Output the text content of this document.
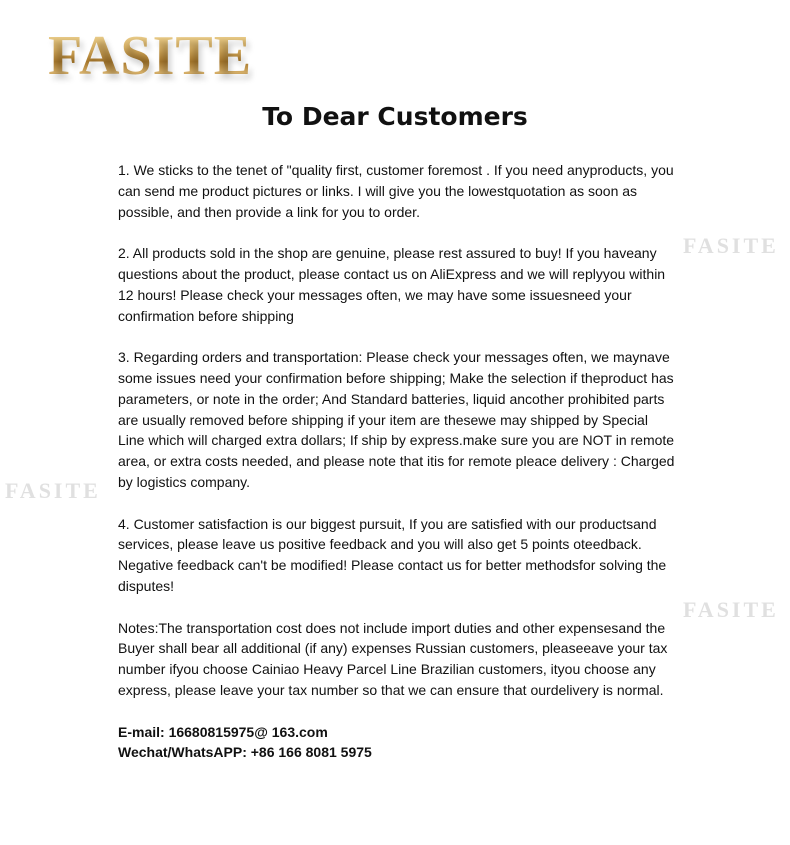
FASITE
FASITE
FASITE
FASITE
To Dear Customers

1. We sticks to the tenet of "quality first, customer foremost . If you need anyproducts, you
can send me product pictures or links. I will give you the lowestquotation as soon as
possible, and then provide a link for you to order.

2. All products sold in the shop are genuine, please rest assured to buy! If you haveany
questions about the product, please contact us on AliExpress and we will replyyou within
12 hours! Please check your messages often, we may have some issuesneed your
confirmation before shipping

3. Regarding orders and transportation: Please check your messages often, we maynave
some issues need your confirmation before shipping; Make the selection if theproduct has
parameters, or note in the order; And Standard batteries, liquid ancother prohibited parts
are usually removed before shipping if your item are thesewe may shipped by Special
Line which will charged extra dollars; If ship by express.make sure you are NOT in remote
area, or extra costs needed, and please note that itis for remote pleace delivery : Charged
by logistics company.

4. Customer satisfaction is our biggest pursuit, If you are satisfied with our productsand
services, please leave us positive feedback and you will also get 5 points oteedback.
Negative feedback can't be modified! Please contact us for better methodsfor solving the
disputes!

Notes:The transportation cost does not include import duties and other expensesand the
Buyer shall bear all additional (if any) expenses Russian customers, pleaseeave your tax
number ifyou choose Cainiao Heavy Parcel Line Brazilian customers, ityou choose any
express, please leave your tax number so that we can ensure that ourdelivery is normal.

E-mail: 16680815975@ 163.com
Wechat/WhatsAPP: +86 166 8081 5975
